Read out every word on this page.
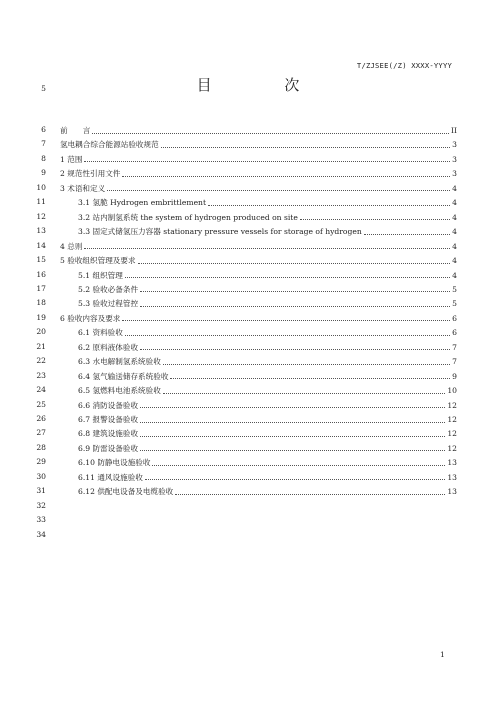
T/ZJSEE(/Z) XXXX-YYYY
5	目 次
6 前　　言	II
7 氢电耦合综合能源站验收规范	3
8 1 范围	3
9 2 规范性引用文件	3
10 3 术语和定义	4
11	3.1 氢脆 Hydrogen embrittlement	4
12	3.2 站内制氢系统 the system of hydrogen produced on site	4
13	3.3 固定式储氢压力容器 stationary pressure vessels for storage of hydrogen	4
14 4 总则	4
15 5 验收组织管理及要求	4
16	5.1 组织管理	4
17	5.2 验收必备条件	5
18	5.3 验收过程管控	5
19 6 验收内容及要求	6
20	6.1 资料验收	6
21	6.2 原料液体验收	7
22	6.3 水电解制氢系统验收	7
23	6.4 氢气输送储存系统验收	9
24	6.5 氢燃料电池系统验收	10
25	6.6 消防设备验收	12
26	6.7 报警设备验收	12
27	6.8 建筑设施验收	12
28	6.9 防雷设备验收	12
29	6.10 防静电设施验收	13
30	6.11 通风设施验收	13
31	6.12 供配电设备及电缆验收	13
32
33
34
1
